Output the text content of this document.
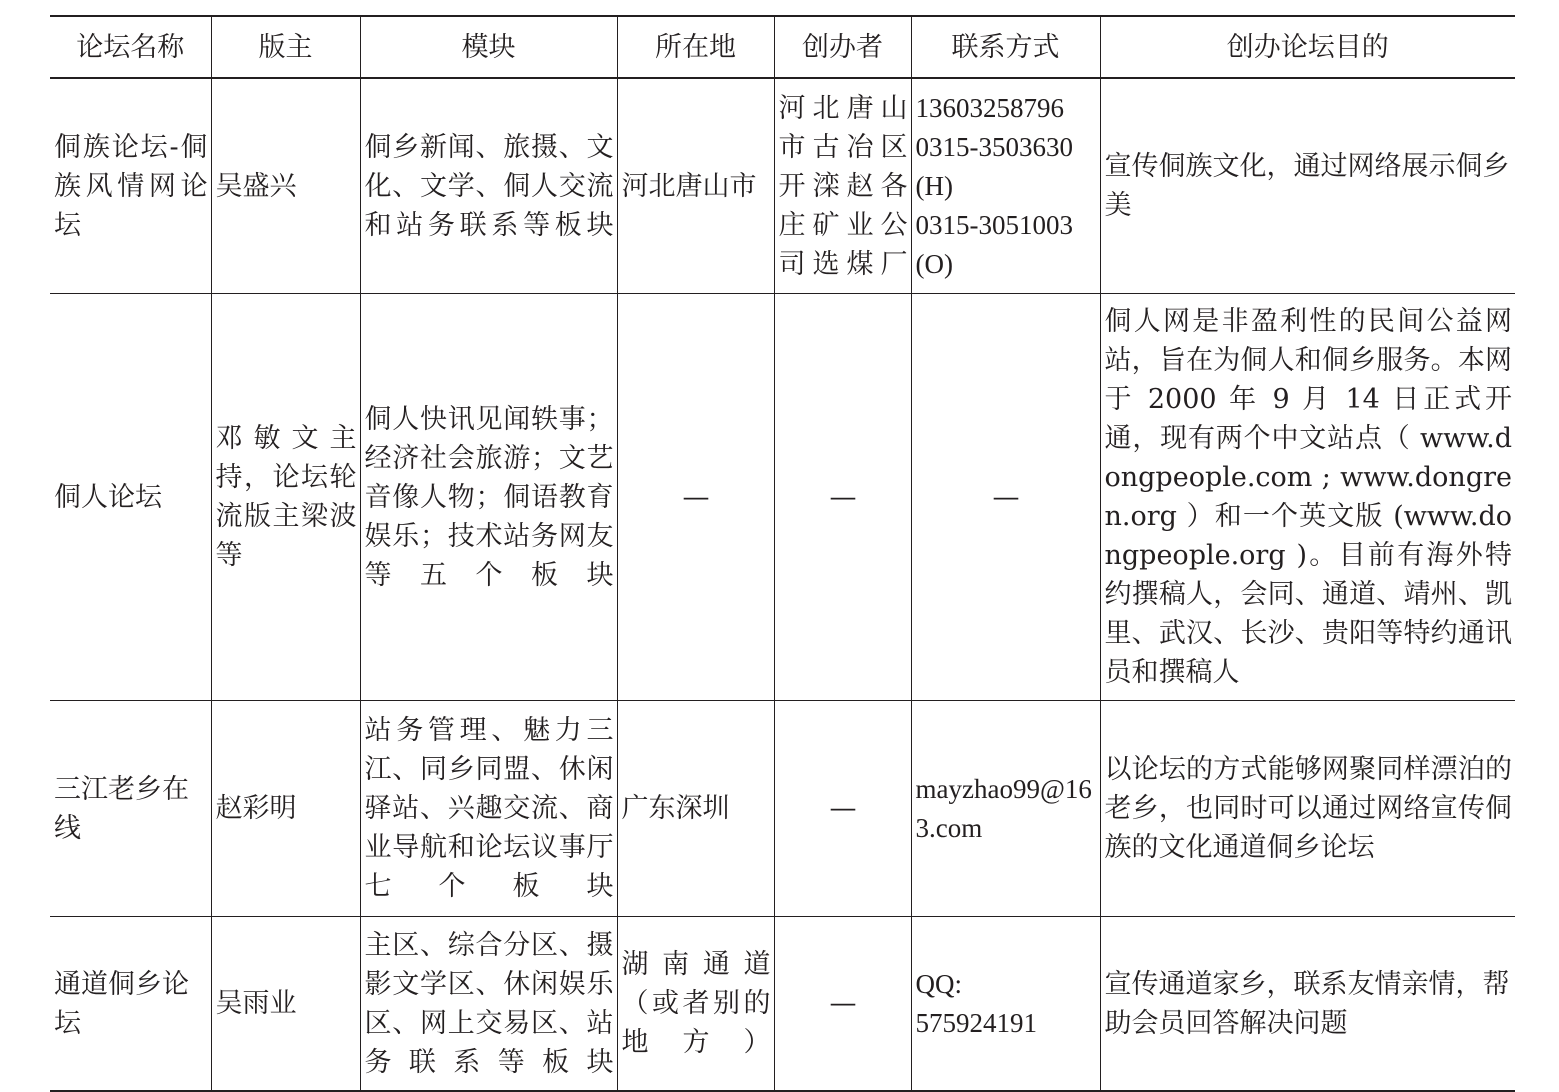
论坛名称	版主	模块	所在地	创办者	联系方式	创办论坛目的
侗族论坛-侗族风情网论坛	吴盛兴	侗乡新闻、旅摄、文化、文学、侗人交流和站务联系等板块	河北唐山市	河北唐山市古冶区开滦赵各庄矿业公司选煤厂	13603258796
0315-3503630
(H)
0315-3051003
(O)	宣传侗族文化，通过网络展示侗乡美
侗人论坛	邓敏文主持，论坛轮流版主梁波等	侗人快讯见闻轶事；经济社会旅游；文艺音像人物；侗语教育娱乐；技术站务网友等五个板块	—	—	—	侗人网是非盈利性的民间公益网站，旨在为侗人和侗乡服务。本网于 2000 年 9 月 14 日正式开通，现有两个中文站点（ www.dongpeople.com ; www.dongren.org ）和一个英文版 (www.dongpeople.org )。目前有海外特约撰稿人，会同、通道、靖州、凯里、武汉、长沙、贵阳等特约通讯员和撰稿人
三江老乡在线	赵彩明	站务管理、魅力三江、同乡同盟、休闲驿站、兴趣交流、商业导航和论坛议事厅七个板块	广东深圳	—	mayzhao99@163.com	以论坛的方式能够网聚同样漂泊的老乡，也同时可以通过网络宣传侗族的文化通道侗乡论坛
通道侗乡论坛	吴雨业	主区、综合分区、摄影文学区、休闲娱乐区、网上交易区、站务联系等板块	湖南通道（或者别的地方）	—	QQ:
575924191	宣传通道家乡，联系友情亲情，帮助会员回答解决问题
